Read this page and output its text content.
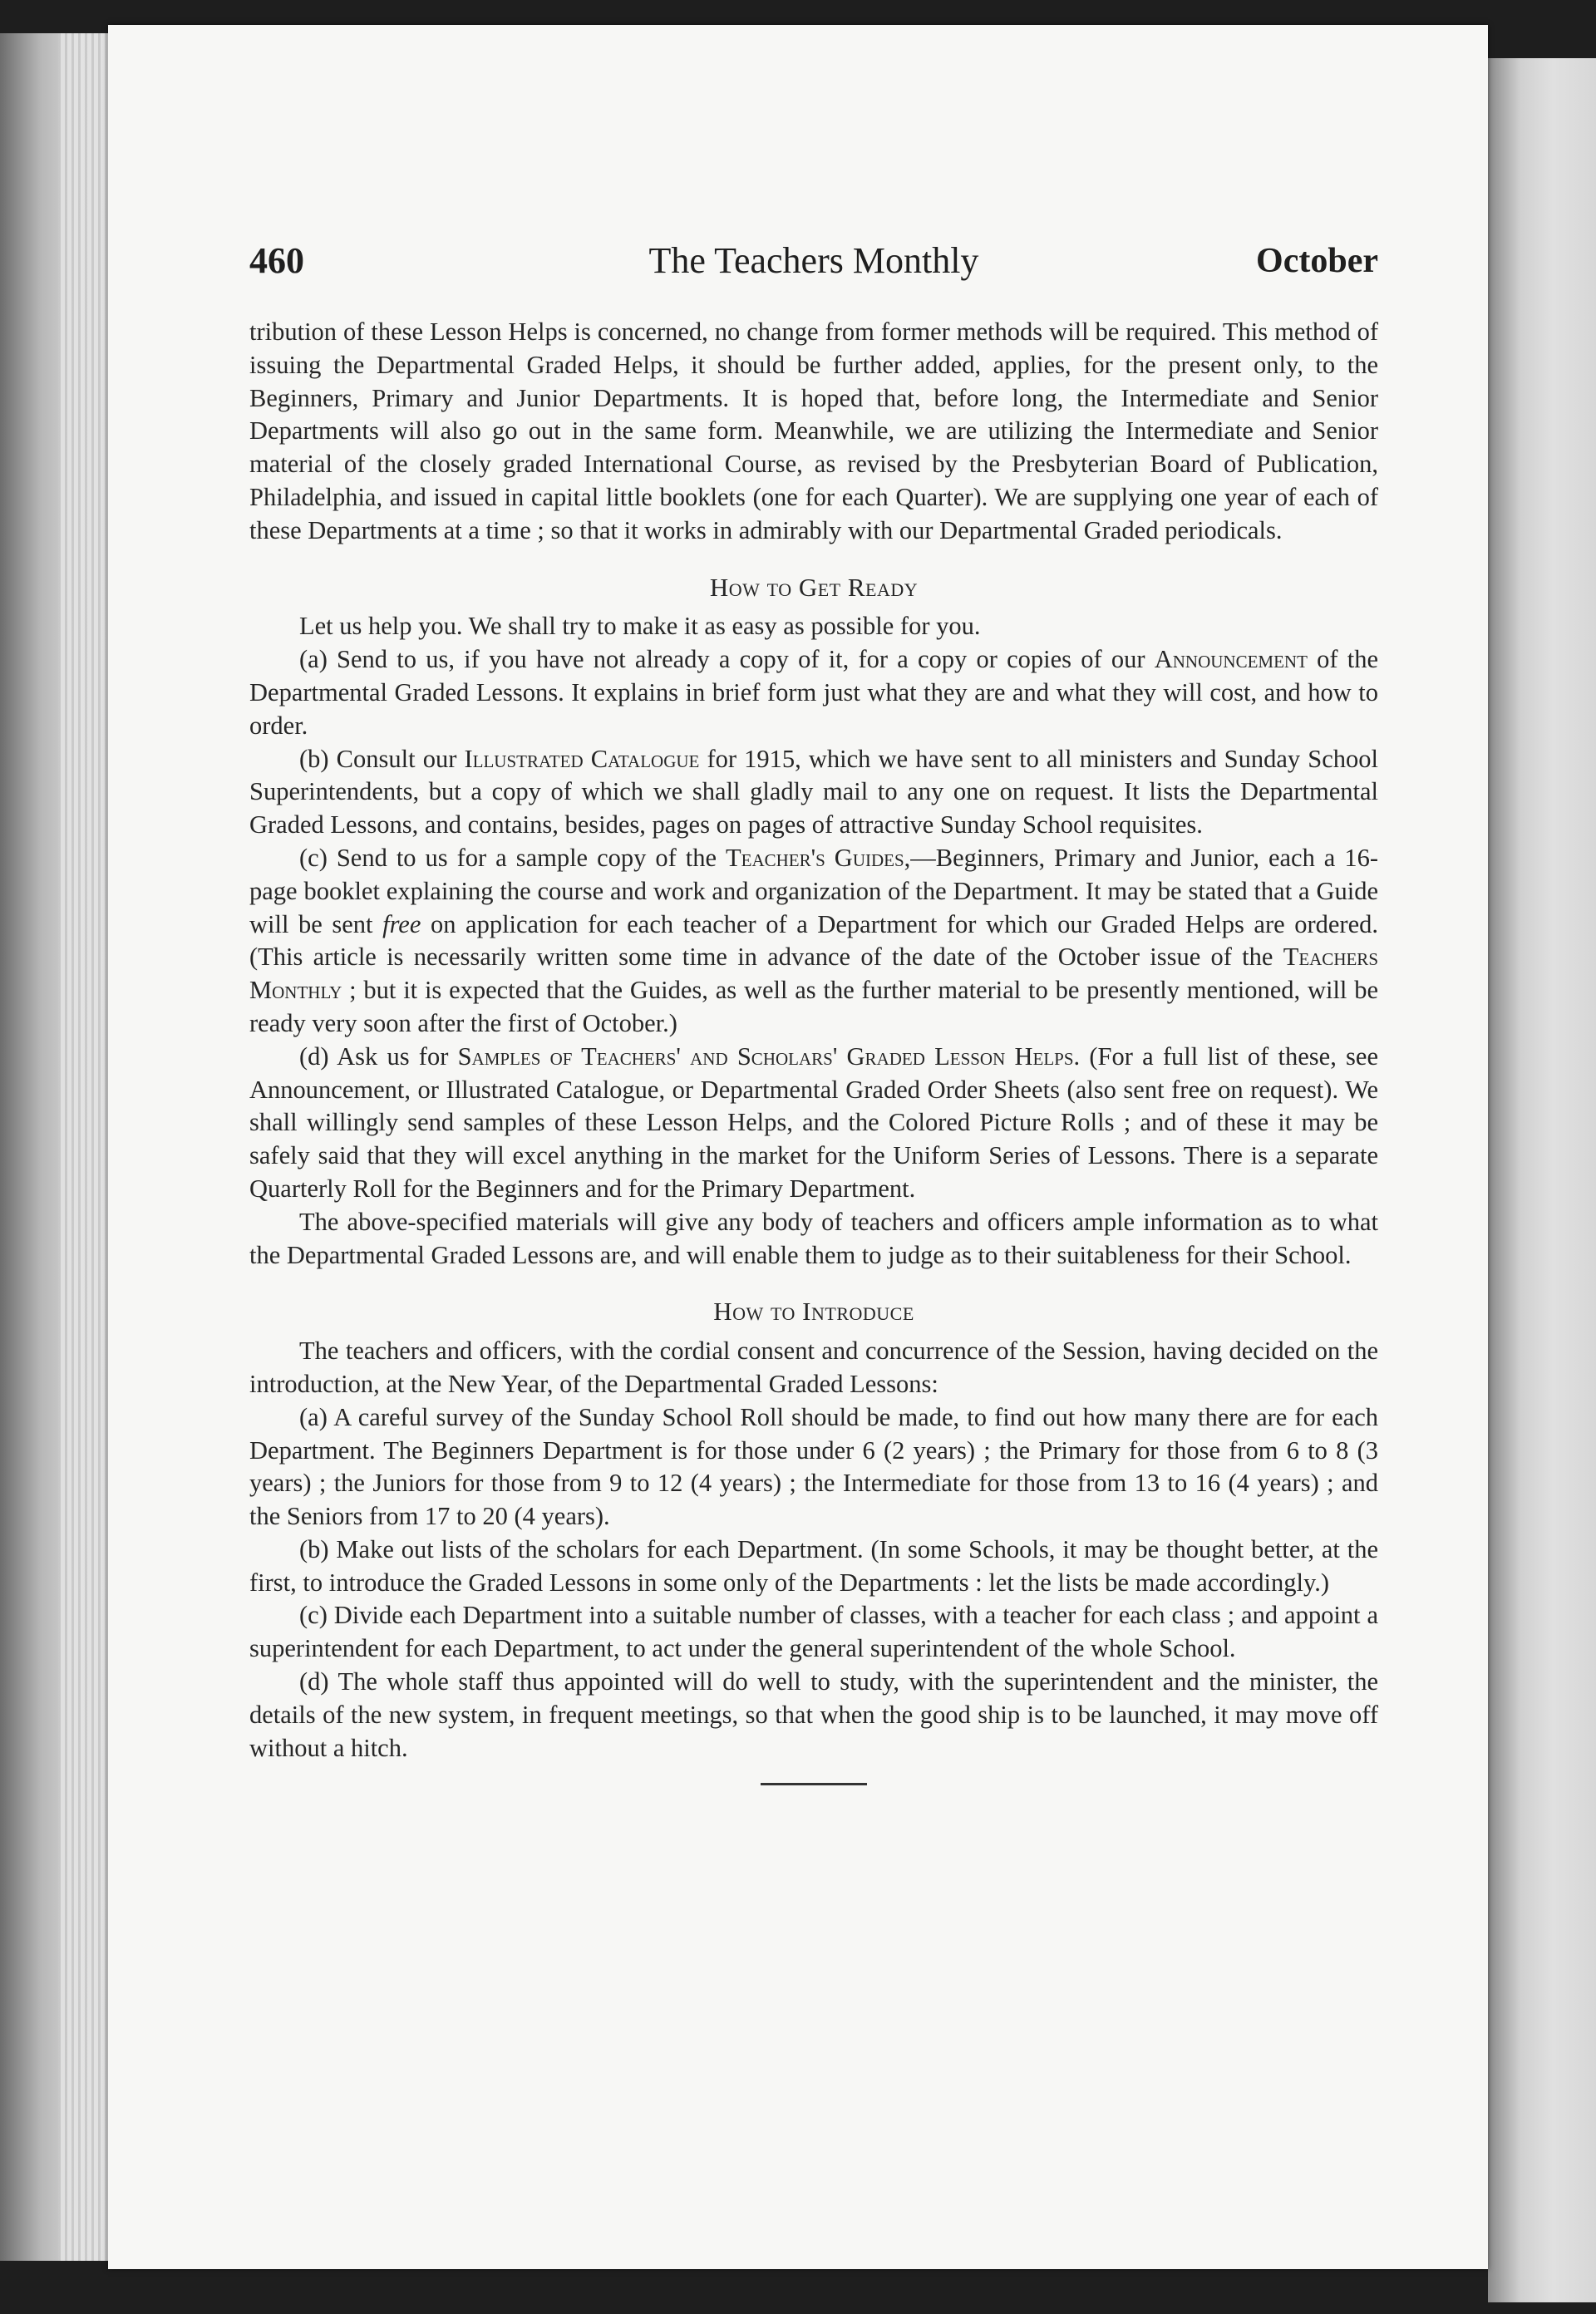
460	The Teachers Monthly	October

tribution of these Lesson Helps is concerned, no change from former methods will be required. This method of issuing the Departmental Graded Helps, it should be further added, applies, for the present only, to the Beginners, Primary and Junior Departments. It is hoped that, before long, the Intermediate and Senior Departments will also go out in the same form. Meanwhile, we are utilizing the Intermediate and Senior material of the closely graded International Course, as revised by the Presbyterian Board of Publication, Philadelphia, and issued in capital little booklets (one for each Quarter). We are supplying one year of each of these Departments at a time ; so that it works in admirably with our Departmental Graded periodicals.

How to Get Ready

Let us help you. We shall try to make it as easy as possible for you.

(a) Send to us, if you have not already a copy of it, for a copy or copies of our Announcement of the Departmental Graded Lessons. It explains in brief form just what they are and what they will cost, and how to order.

(b) Consult our Illustrated Catalogue for 1915, which we have sent to all ministers and Sunday School Superintendents, but a copy of which we shall gladly mail to any one on request. It lists the Departmental Graded Lessons, and contains, besides, pages on pages of attractive Sunday School requisites.

(c) Send to us for a sample copy of the Teacher's Guides,—Beginners, Primary and Junior, each a 16-page booklet explaining the course and work and organization of the Department. It may be stated that a Guide will be sent free on application for each teacher of a Department for which our Graded Helps are ordered. (This article is necessarily written some time in advance of the date of the October issue of the Teachers Monthly ; but it is expected that the Guides, as well as the further material to be presently mentioned, will be ready very soon after the first of October.)

(d) Ask us for Samples of Teachers' and Scholars' Graded Lesson Helps. (For a full list of these, see Announcement, or Illustrated Catalogue, or Departmental Graded Order Sheets (also sent free on request). We shall willingly send samples of these Lesson Helps, and the Colored Picture Rolls ; and of these it may be safely said that they will excel anything in the market for the Uniform Series of Lessons. There is a separate Quarterly Roll for the Beginners and for the Primary Department.

The above-specified materials will give any body of teachers and officers ample information as to what the Departmental Graded Lessons are, and will enable them to judge as to their suitableness for their School.

How to Introduce

The teachers and officers, with the cordial consent and concurrence of the Session, having decided on the introduction, at the New Year, of the Departmental Graded Lessons:

(a) A careful survey of the Sunday School Roll should be made, to find out how many there are for each Department. The Beginners Department is for those under 6 (2 years) ; the Primary for those from 6 to 8 (3 years) ; the Juniors for those from 9 to 12 (4 years) ; the Intermediate for those from 13 to 16 (4 years) ; and the Seniors from 17 to 20 (4 years).

(b) Make out lists of the scholars for each Department. (In some Schools, it may be thought better, at the first, to introduce the Graded Lessons in some only of the Departments : let the lists be made accordingly.)

(c) Divide each Department into a suitable number of classes, with a teacher for each class ; and appoint a superintendent for each Department, to act under the general superintendent of the whole School.

(d) The whole staff thus appointed will do well to study, with the superintendent and the minister, the details of the new system, in frequent meetings, so that when the good ship is to be launched, it may move off without a hitch.
